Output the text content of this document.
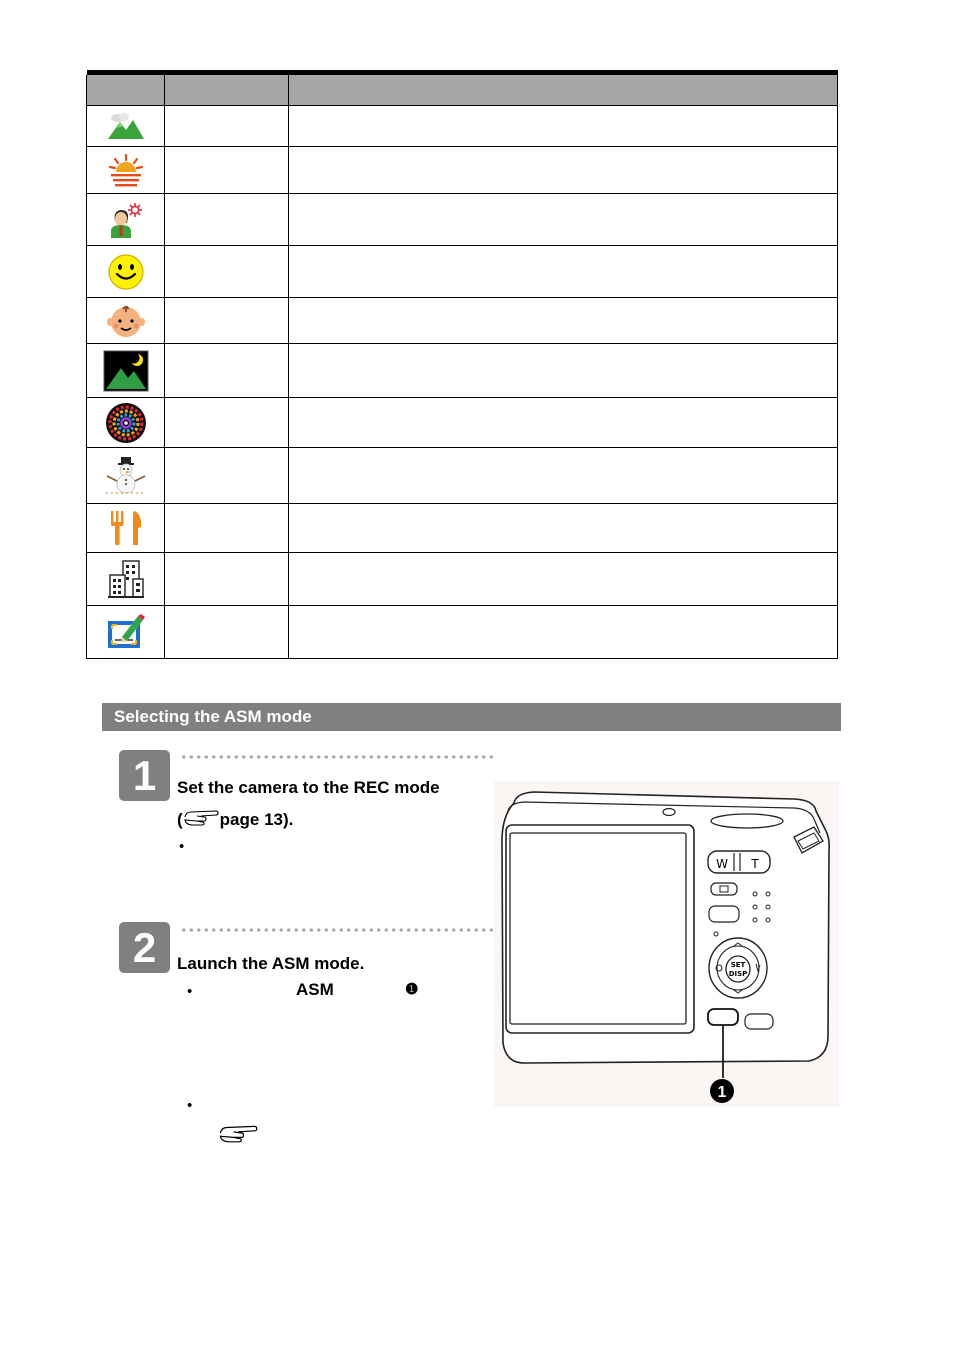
Selecting the ASM mode
1	Set the camera to the REC mode
( page 13).
•
2	Launch the ASM mode.
•	ASM	❶
•
W T
SET
DISP
1
